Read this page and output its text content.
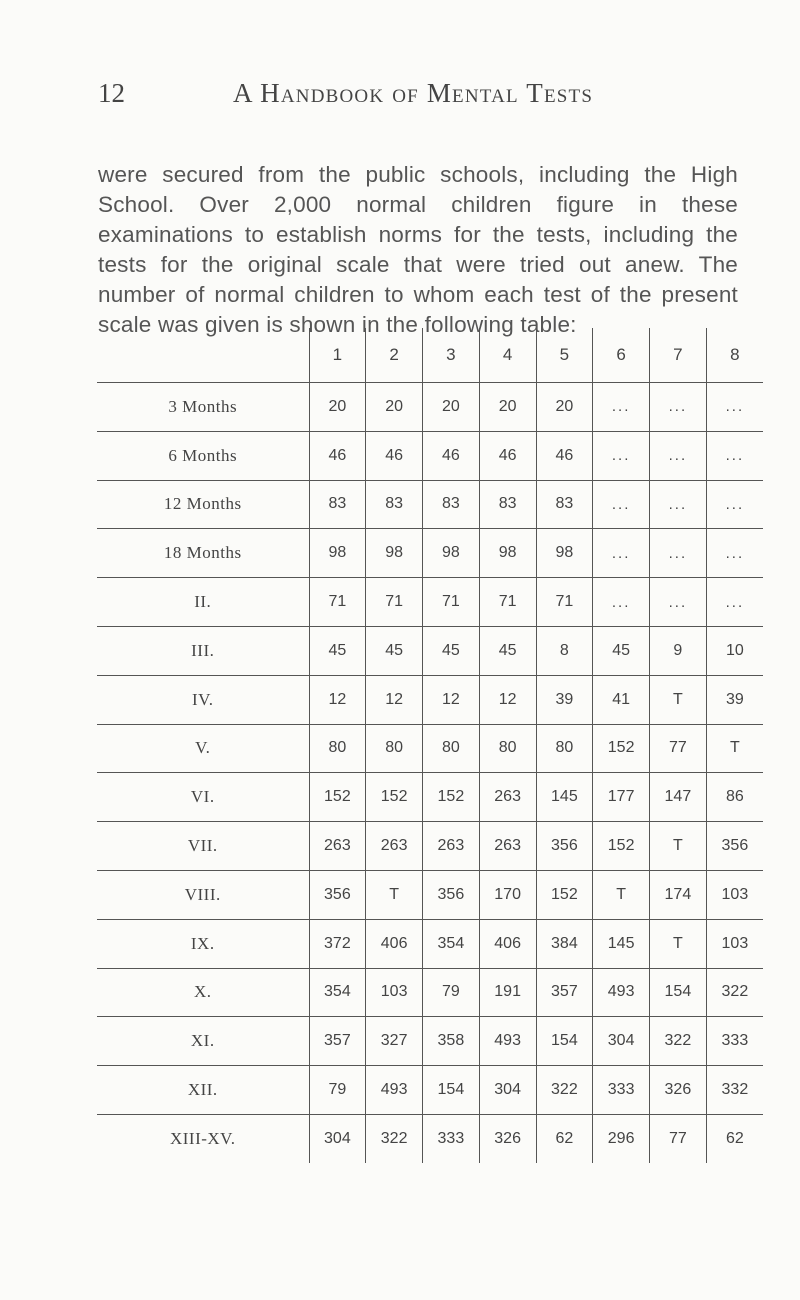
12	A Handbook of Mental Tests

were secured from the public schools, including the High School. Over 2,000 normal children figure in these examinations to establish norms for the tests, including the tests for the original scale that were tried out anew. The number of normal children to whom each test of the present scale was given is shown in the following table:

	1	2	3	4	5	6	7	8
3 Months	20	20	20	20	20	...	...	...
6 Months	46	46	46	46	46	...	...	...
12 Months	83	83	83	83	83	...	...	...
18 Months	98	98	98	98	98	...	...	...
II.	71	71	71	71	71	...	...	...
III.	45	45	45	45	8	45	9	10
IV.	12	12	12	12	39	41	T	39
V.	80	80	80	80	80	152	77	T
VI.	152	152	152	263	145	177	147	86
VII.	263	263	263	263	356	152	T	356
VIII.	356	T	356	170	152	T	174	103
IX.	372	406	354	406	384	145	T	103
X.	354	103	79	191	357	493	154	322
XI.	357	327	358	493	154	304	322	333
XII.	79	493	154	304	322	333	326	332
XIII-XV.	304	322	333	326	62	296	77	62
